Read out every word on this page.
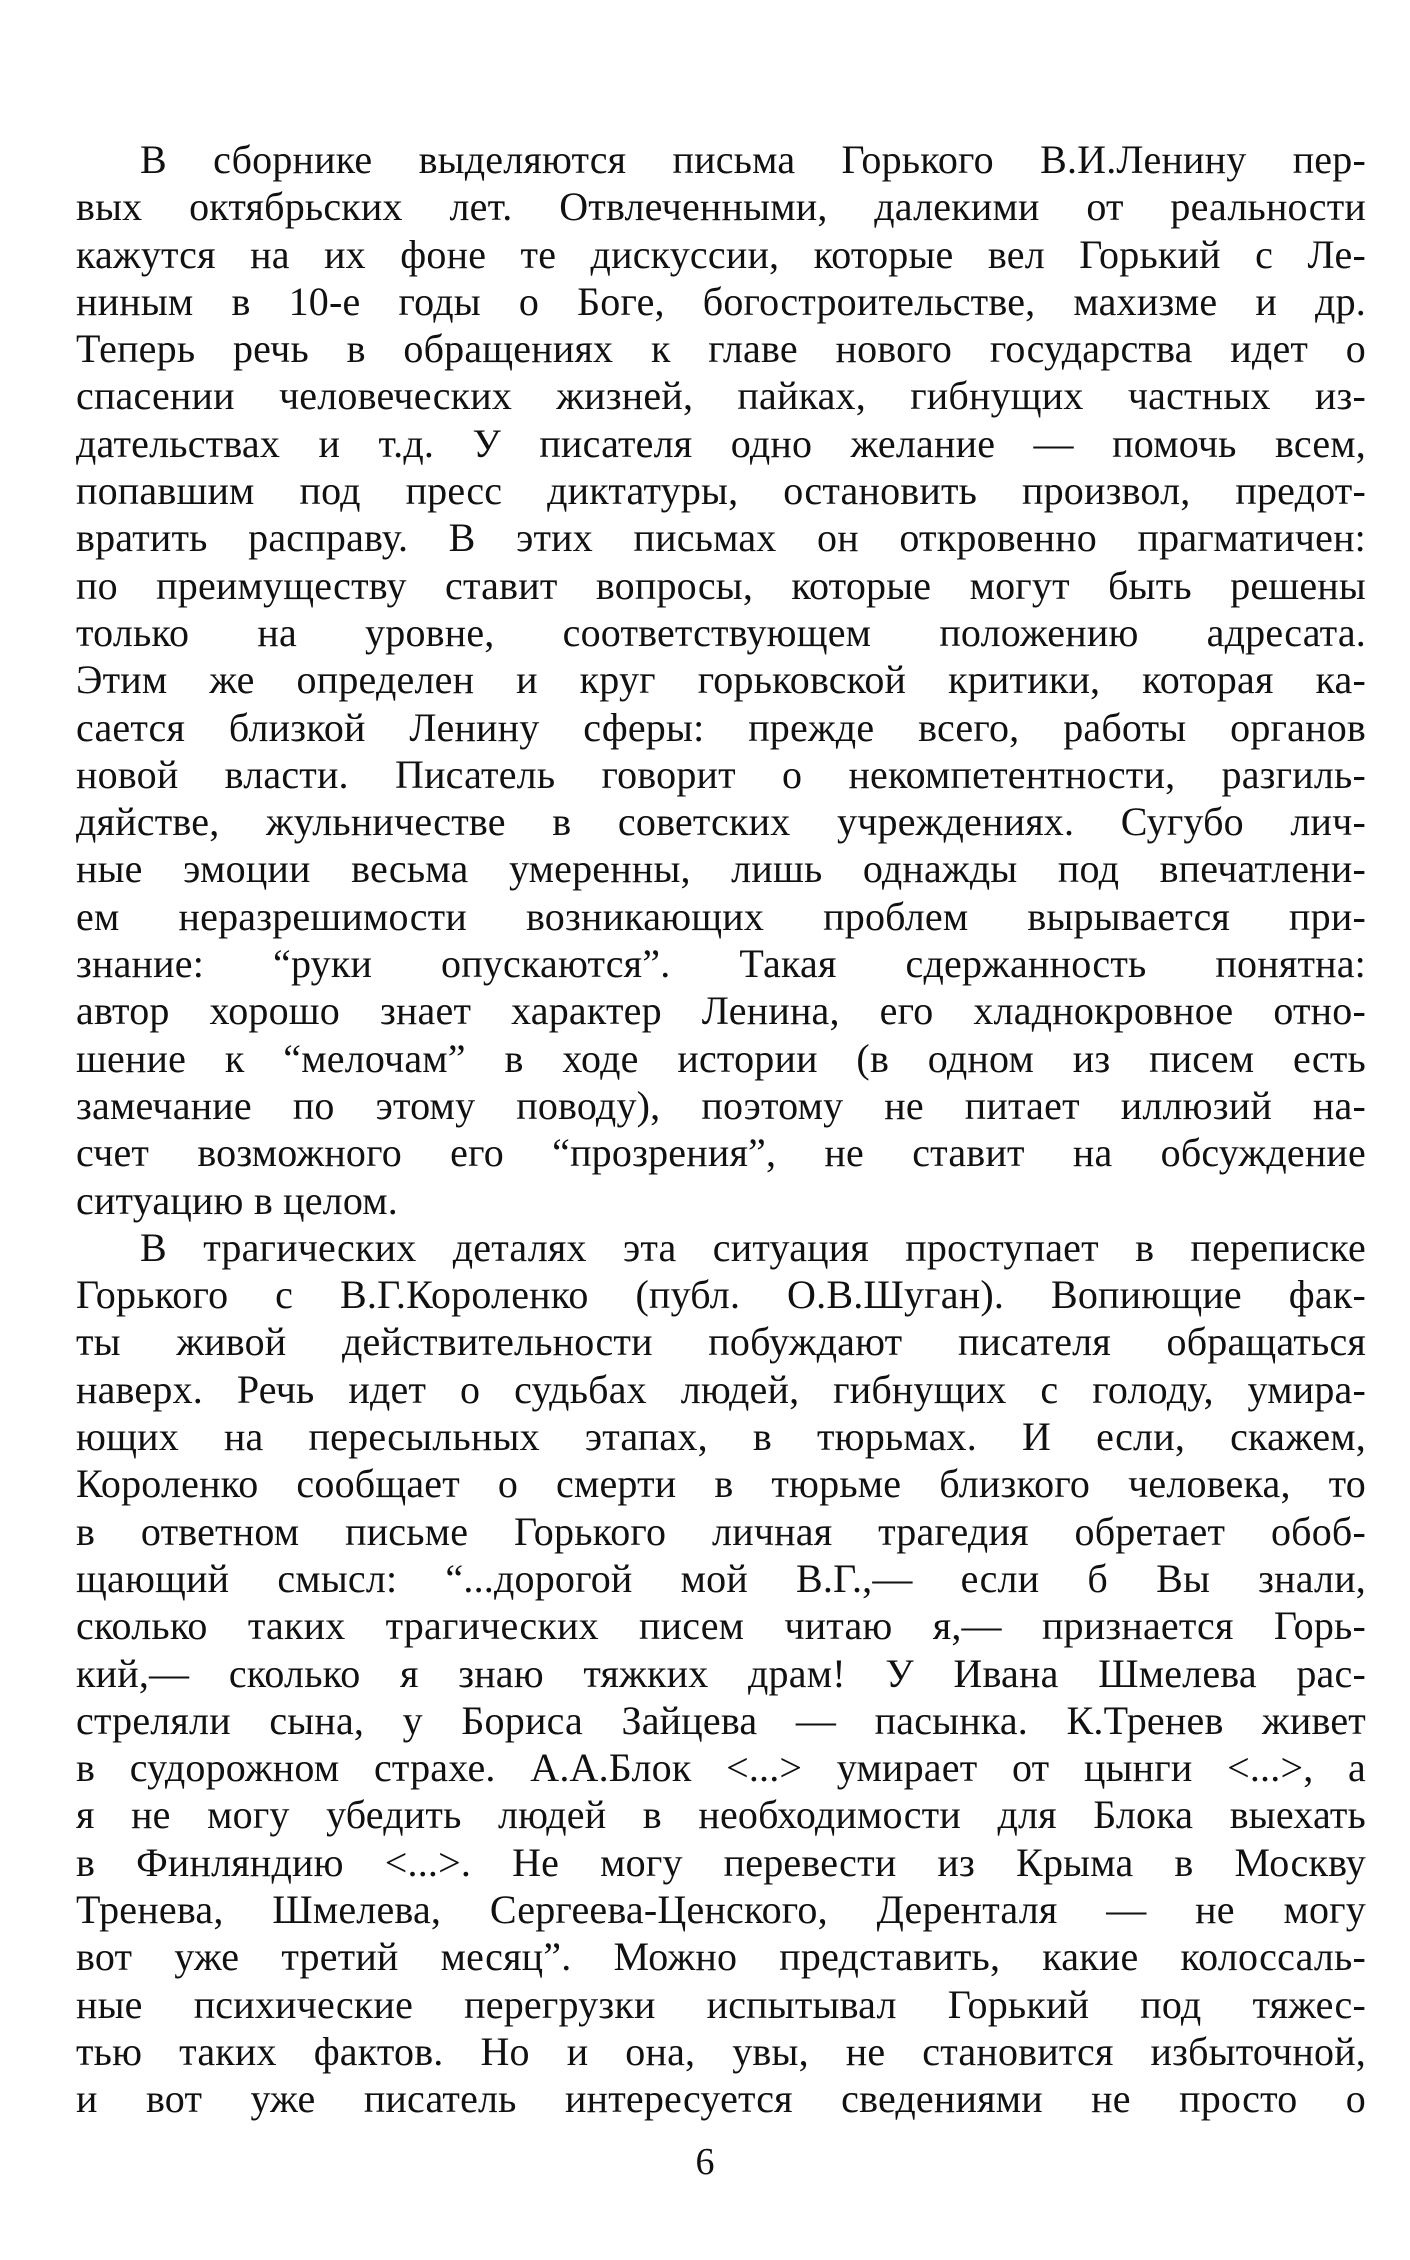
В сборнике выделяются письма Горького В.И.Ленину пер-
вых октябрьских лет. Отвлеченными, далекими от реальности
кажутся на их фоне те дискуссии, которые вел Горький с Ле-
ниным в 10-е годы о Боге, богостроительстве, махизме и др.
Теперь речь в обращениях к главе нового государства идет о
спасении человеческих жизней, пайках, гибнущих частных из-
дательствах и т.д. У писателя одно желание — помочь всем,
попавшим под пресс диктатуры, остановить произвол, предот-
вратить расправу. В этих письмах он откровенно прагматичен:
по преимуществу ставит вопросы, которые могут быть решены
только на уровне, соответствующем положению адресата.
Этим же определен и круг горьковской критики, которая ка-
сается близкой Ленину сферы: прежде всего, работы органов
новой власти. Писатель говорит о некомпетентности, разгиль-
дяйстве, жульничестве в советских учреждениях. Сугубо лич-
ные эмоции весьма умеренны, лишь однажды под впечатлени-
ем неразрешимости возникающих проблем вырывается при-
знание: “руки опускаются”. Такая сдержанность понятна:
автор хорошо знает характер Ленина, его хладнокровное отно-
шение к “мелочам” в ходе истории (в одном из писем есть
замечание по этому поводу), поэтому не питает иллюзий на-
счет возможного его “прозрения”, не ставит на обсуждение
ситуацию в целом.
В трагических деталях эта ситуация проступает в переписке
Горького с В.Г.Короленко (публ. О.В.Шуган). Вопиющие фак-
ты живой действительности побуждают писателя обращаться
наверх. Речь идет о судьбах людей, гибнущих с голоду, умира-
ющих на пересыльных этапах, в тюрьмах. И если, скажем,
Короленко сообщает о смерти в тюрьме близкого человека, то
в ответном письме Горького личная трагедия обретает обоб-
щающий смысл: “...дорогой мой В.Г.,— если б Вы знали,
сколько таких трагических писем читаю я,— признается Горь-
кий,— сколько я знаю тяжких драм! У Ивана Шмелева рас-
стреляли сына, у Бориса Зайцева — пасынка. К.Тренев живет
в судорожном страхе. А.А.Блок <...> умирает от цынги <...>, а
я не могу убедить людей в необходимости для Блока выехать
в Финляндию <...>. Не могу перевести из Крыма в Москву
Тренева, Шмелева, Сергеева-Ценского, Деренталя — не могу
вот уже третий месяц”. Можно представить, какие колоссаль-
ные психические перегрузки испытывал Горький под тяжес-
тью таких фактов. Но и она, увы, не становится избыточной,
и вот уже писатель интересуется сведениями не просто о
6
